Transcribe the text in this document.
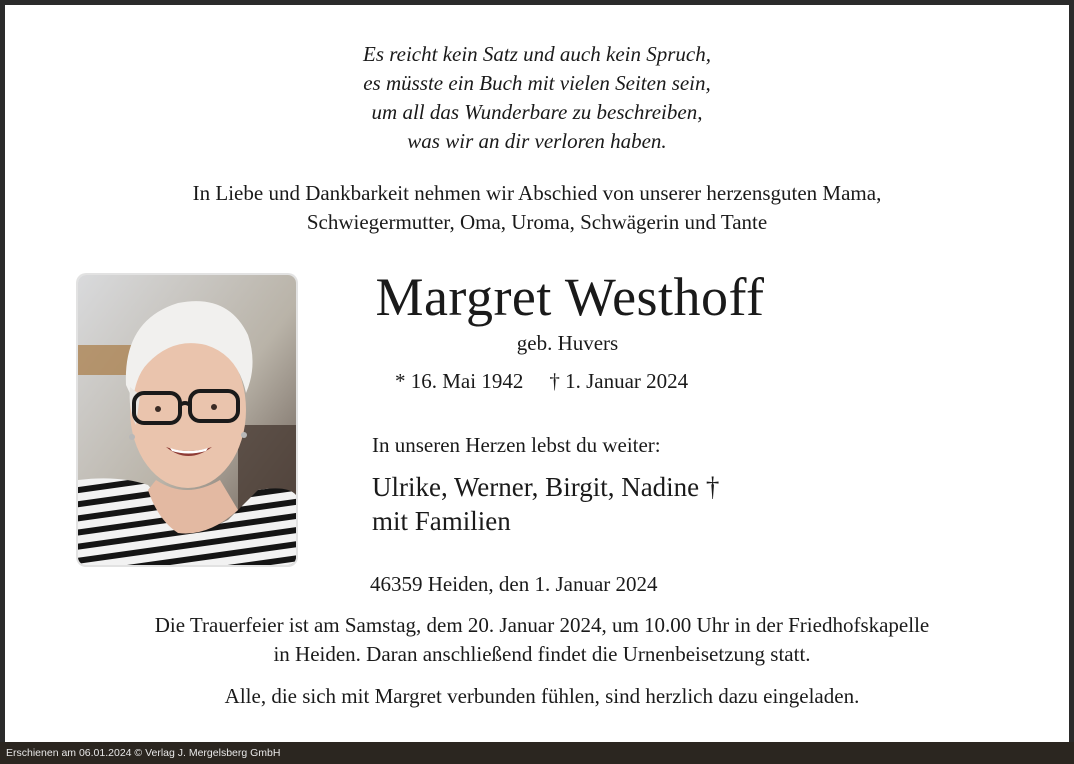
Es reicht kein Satz und auch kein Spruch,
es müsste ein Buch mit vielen Seiten sein,
um all das Wunderbare zu beschreiben,
was wir an dir verloren haben.
In Liebe und Dankbarkeit nehmen wir Abschied von unserer herzensguten Mama,
Schwiegermutter, Oma, Uroma, Schwägerin und Tante
Margret Westhoff
geb. Huvers
* 16. Mai 1942 † 1. Januar 2024
In unseren Herzen lebst du weiter:
Ulrike, Werner, Birgit, Nadine †
mit Familien
46359 Heiden, den 1. Januar 2024
Die Trauerfeier ist am Samstag, dem 20. Januar 2024, um 10.00 Uhr in der Friedhofskapelle
in Heiden. Daran anschließend findet die Urnenbeisetzung statt.
Alle, die sich mit Margret verbunden fühlen, sind herzlich dazu eingeladen.
Erschienen am 06.01.2024 © Verlag J. Mergelsberg GmbH
